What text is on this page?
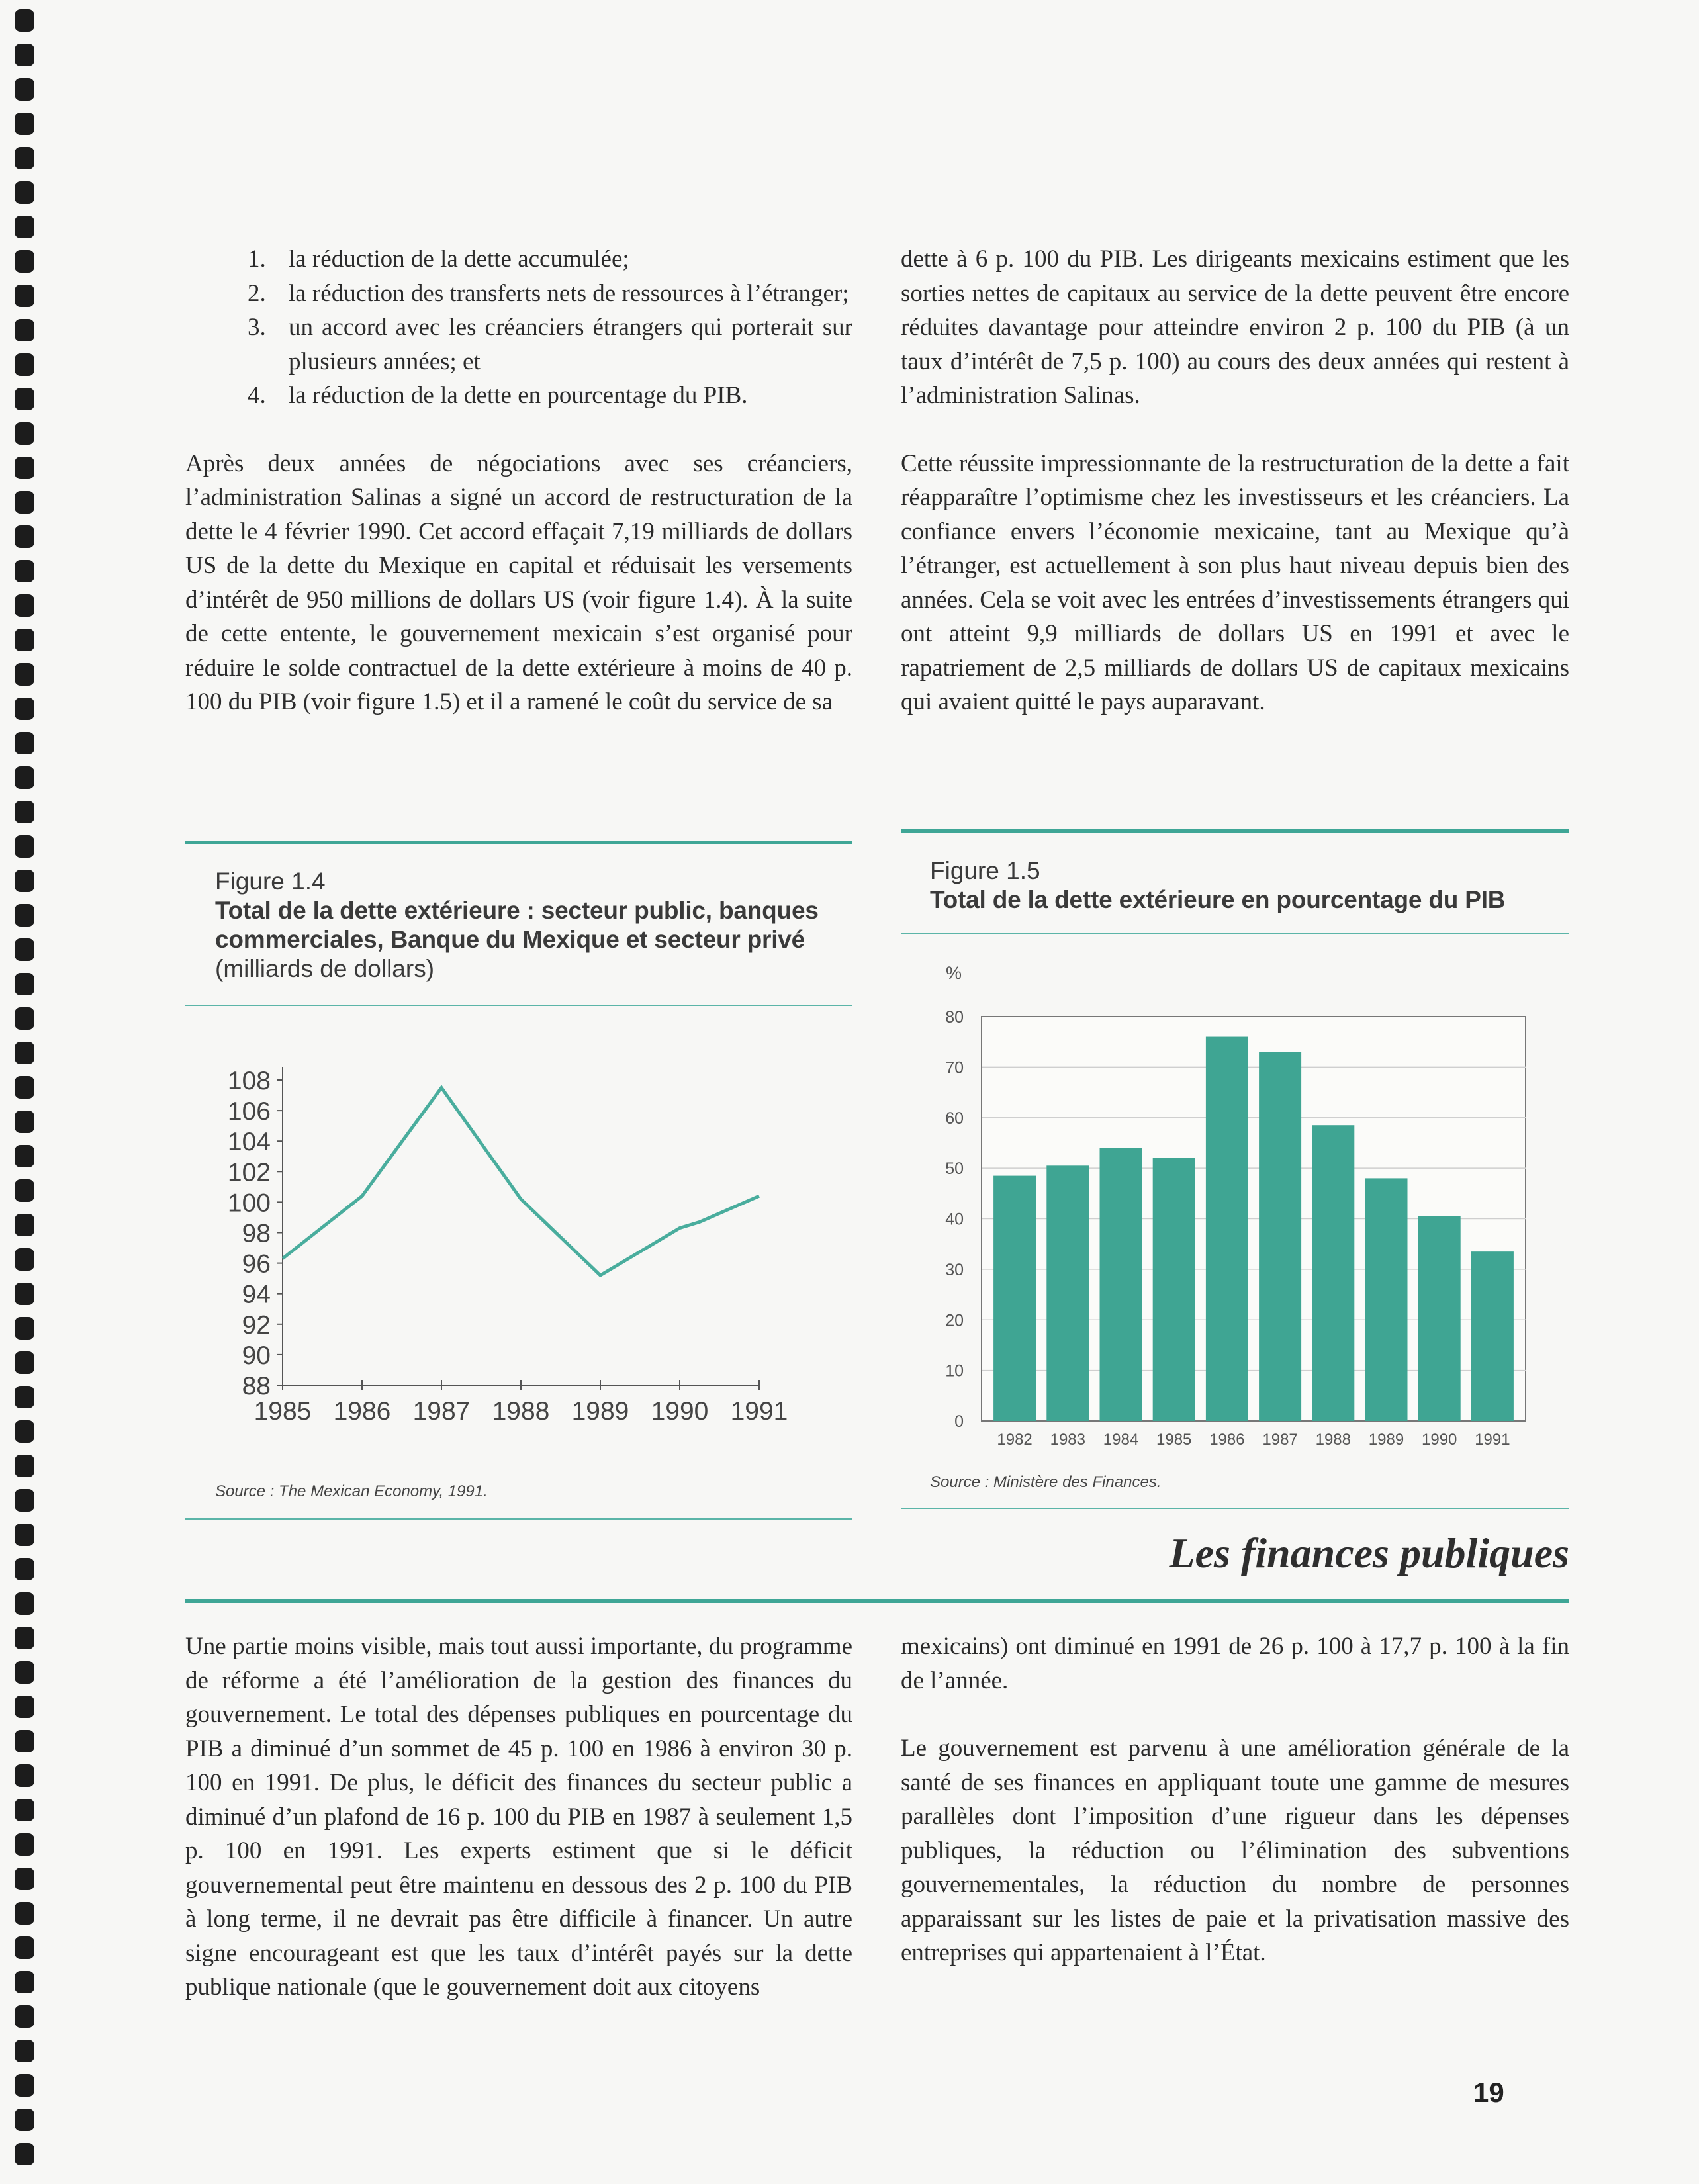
1. la réduction de la dette accumulée;
2. la réduction des transferts nets de ressources à l’étranger;
3. un accord avec les créanciers étrangers qui porterait sur plusieurs années; et
4. la réduction de la dette en pourcentage du PIB.

Après deux années de négociations avec ses créanciers, l’administration Salinas a signé un accord de restructuration de la dette le 4 février 1990. Cet accord effaçait 7,19 milliards de dollars US de la dette du Mexique en capital et réduisait les versements d’intérêt de 950 millions de dollars US (voir figure 1.4). À la suite de cette entente, le gouvernement mexicain s’est organisé pour réduire le solde contractuel de la dette extérieure à moins de 40 p. 100 du PIB (voir figure 1.5) et il a ramené le coût du service de sa

dette à 6 p. 100 du PIB. Les dirigeants mexicains estiment que les sorties nettes de capitaux au service de la dette peuvent être encore réduites davantage pour atteindre environ 2 p. 100 du PIB (à un taux d’intérêt de 7,5 p. 100) au cours des deux années qui restent à l’administration Salinas.

Cette réussite impressionnante de la restructuration de la dette a fait réapparaître l’optimisme chez les investisseurs et les créanciers. La confiance envers l’économie mexicaine, tant au Mexique qu’à l’étranger, est actuellement à son plus haut niveau depuis bien des années. Cela se voit avec les entrées d’investissements étrangers qui ont atteint 9,9 milliards de dollars US en 1991 et avec le rapatriement de 2,5 milliards de dollars US de capitaux mexicains qui avaient quitté le pays auparavant.

Figure 1.4
Total de la dette extérieure : secteur public, banques commerciales, Banque du Mexique et secteur privé
(milliards de dollars)
88
90
92
94
96
98
100
102
104
106
108
1985 1986 1987 1988 1989 1990 1991
Source : The Mexican Economy, 1991.
Figure 1.5
Total de la dette extérieure en pourcentage du PIB
%
0
10
20
30
40
50
60
70
80
1982 1983 1984 1985 1986 1987 1988 1989 1990 1991
Source : Ministère des Finances.
Les finances publiques

Une partie moins visible, mais tout aussi importante, du programme de réforme a été l’amélioration de la gestion des finances du gouvernement. Le total des dépenses publiques en pourcentage du PIB a diminué d’un sommet de 45 p. 100 en 1986 à environ 30 p. 100 en 1991. De plus, le déficit des finances du secteur public a diminué d’un plafond de 16 p. 100 du PIB en 1987 à seulement 1,5 p. 100 en 1991. Les experts estiment que si le déficit gouvernemental peut être maintenu en dessous des 2 p. 100 du PIB à long terme, il ne devrait pas être difficile à financer. Un autre signe encourageant est que les taux d’intérêt payés sur la dette publique nationale (que le gouvernement doit aux citoyens

mexicains) ont diminué en 1991 de 26 p. 100 à 17,7 p. 100 à la fin de l’année.

Le gouvernement est parvenu à une amélioration générale de la santé de ses finances en appliquant toute une gamme de mesures parallèles dont l’imposition d’une rigueur dans les dépenses publiques, la réduction ou l’élimination des subventions gouvernementales, la réduction du nombre de personnes apparaissant sur les listes de paie et la privatisation massive des entreprises qui appartenaient à l’État.

19
